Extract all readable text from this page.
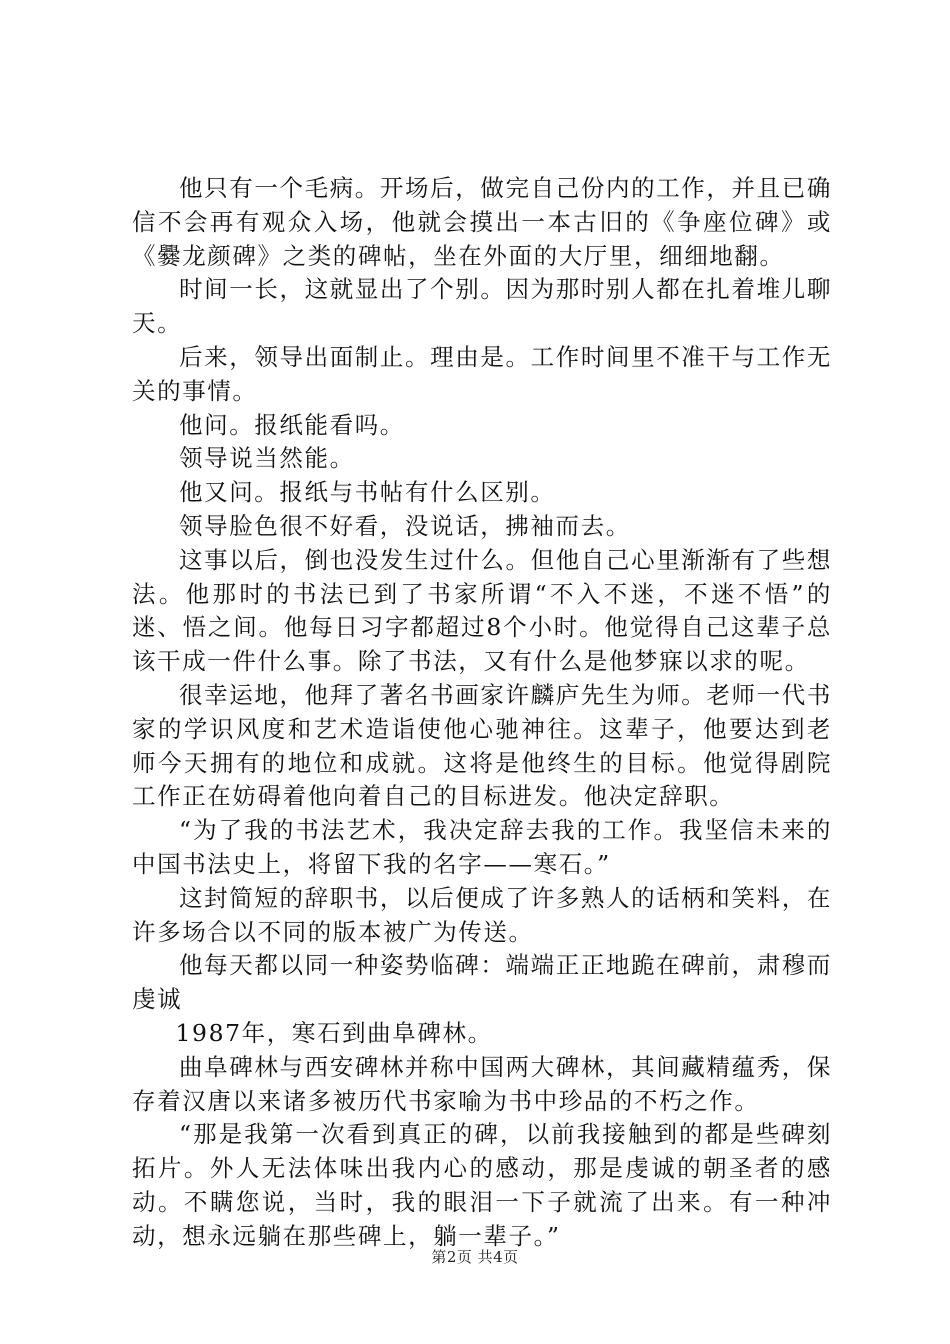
他只有一个毛病。开场后，做完自己份内的工作，并且已确信不会再有观众入场，他就会摸出一本古旧的《争座位碑》或《爨龙颜碑》之类的碑帖，坐在外面的大厅里，细细地翻。

时间一长，这就显出了个别。因为那时别人都在扎着堆儿聊天。

后来，领导出面制止。理由是。工作时间里不准干与工作无关的事情。

他问。报纸能看吗。

领导说当然能。

他又问。报纸与书帖有什么区别。

领导脸色很不好看，没说话，拂袖而去。

这事以后，倒也没发生过什么。但他自己心里渐渐有了些想法。他那时的书法已到了书家所谓“不入不迷，不迷不悟”的迷、悟之间。他每日习字都超过8个小时。他觉得自己这辈子总该干成一件什么事。除了书法，又有什么是他梦寐以求的呢。

很幸运地，他拜了著名书画家许麟庐先生为师。老师一代书家的学识风度和艺术造诣使他心驰神往。这辈子，他要达到老师今天拥有的地位和成就。这将是他终生的目标。他觉得剧院工作正在妨碍着他向着自己的目标进发。他决定辞职。

“为了我的书法艺术，我决定辞去我的工作。我坚信未来的中国书法史上，将留下我的名字——寒石。”

这封简短的辞职书，以后便成了许多熟人的话柄和笑料，在许多场合以不同的版本被广为传送。

他每天都以同一种姿势临碑：端端正正地跪在碑前，肃穆而虔诚

1987年，寒石到曲阜碑林。

曲阜碑林与西安碑林并称中国两大碑林，其间藏精蕴秀，保存着汉唐以来诸多被历代书家喻为书中珍品的不朽之作。

“那是我第一次看到真正的碑，以前我接触到的都是些碑刻拓片。外人无法体味出我内心的感动，那是虔诚的朝圣者的感动。不瞒您说，当时，我的眼泪一下子就流了出来。有一种冲动，想永远躺在那些碑上，躺一辈子。”

第2页 共4页
